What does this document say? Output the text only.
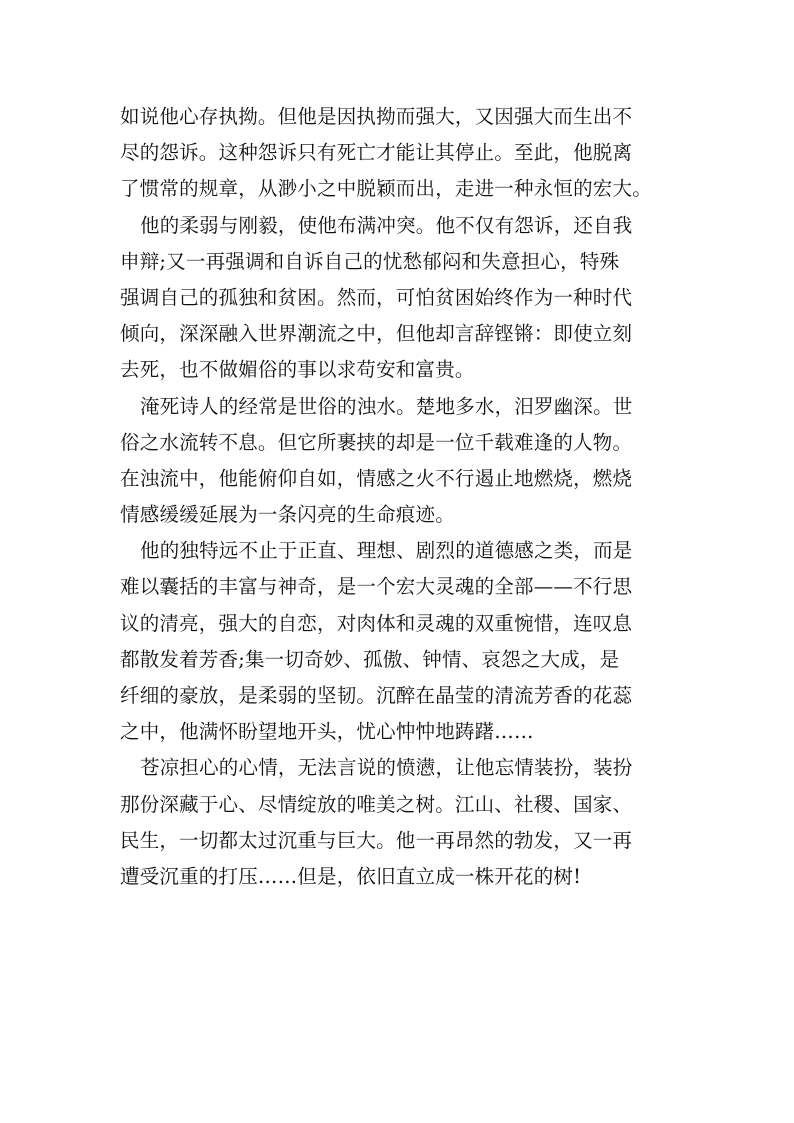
如说他心存执拗。但他是因执拗而强大，又因强大而生出不
尽的怨诉。这种怨诉只有死亡才能让其停止。至此，他脱离
了惯常的规章，从渺小之中脱颖而出，走进一种永恒的宏大。
他的柔弱与刚毅，使他布满冲突。他不仅有怨诉，还自我
申辩;又一再强调和自诉自己的忧愁郁闷和失意担心，特殊
强调自己的孤独和贫困。然而，可怕贫困始终作为一种时代
倾向，深深融入世界潮流之中，但他却言辞铿锵：即使立刻
去死，也不做媚俗的事以求苟安和富贵。
淹死诗人的经常是世俗的浊水。楚地多水，汨罗幽深。世
俗之水流转不息。但它所裹挟的却是一位千载难逢的人物。
在浊流中，他能俯仰自如，情感之火不行遏止地燃烧，燃烧
情感缓缓延展为一条闪亮的生命痕迹。
他的独特远不止于正直、理想、剧烈的道德感之类，而是
难以囊括的丰富与神奇，是一个宏大灵魂的全部——不行思
议的清亮，强大的自恋，对肉体和灵魂的双重惋惜，连叹息
都散发着芳香;集一切奇妙、孤傲、钟情、哀怨之大成，是
纤细的豪放，是柔弱的坚韧。沉醉在晶莹的清流芳香的花蕊
之中，他满怀盼望地开头，忧心忡忡地踌躇……
苍凉担心的心情，无法言说的愤懑，让他忘情装扮，装扮
那份深藏于心、尽情绽放的唯美之树。江山、社稷、国家、
民生，一切都太过沉重与巨大。他一再昂然的勃发，又一再
遭受沉重的打压……但是，依旧直立成一株开花的树!
